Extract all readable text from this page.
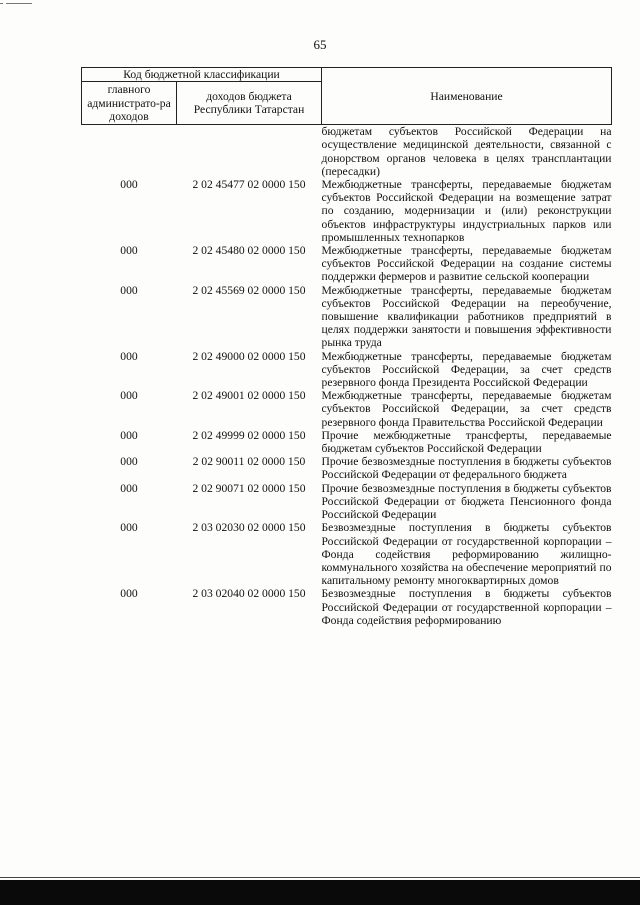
65
Код бюджетной классификации		Наименование
главного администрато-ра доходов	доходов бюджета Республики Татарстан	
		бюджетам субъектов Российской Федерации на осуществление медицинской деятельности, связанной с донорством органов человека в целях трансплантации (пересадки)
000	2 02 45477 02 0000 150	Межбюджетные трансферты, передаваемые бюджетам субъектов Российской Федерации на возмещение затрат по созданию, модернизации и (или) реконструкции объектов инфраструктуры индустриальных парков или промышленных технопарков
000	2 02 45480 02 0000 150	Межбюджетные трансферты, передаваемые бюджетам субъектов Российской Федерации на создание системы поддержки фермеров и развитие сельской кооперации
000	2 02 45569 02 0000 150	Межбюджетные трансферты, передаваемые бюджетам субъектов Российской Федерации на переобучение, повышение квалификации работников предприятий в целях поддержки занятости и повышения эффективности рынка труда
000	2 02 49000 02 0000 150	Межбюджетные трансферты, передаваемые бюджетам субъектов Российской Федерации, за счет средств резервного фонда Президента Российской Федерации
000	2 02 49001 02 0000 150	Межбюджетные трансферты, передаваемые бюджетам субъектов Российской Федерации, за счет средств резервного фонда Правительства Российской Федерации
000	2 02 49999 02 0000 150	Прочие межбюджетные трансферты, передаваемые бюджетам субъектов Российской Федерации
000	2 02 90011 02 0000 150	Прочие безвозмездные поступления в бюджеты субъектов Российской Федерации от федерального бюджета
000	2 02 90071 02 0000 150	Прочие безвозмездные поступления в бюджеты субъектов Российской Федерации от бюджета Пенсионного фонда Российской Федерации
000	2 03 02030 02 0000 150	Безвозмездные поступления в бюджеты субъектов Российской Федерации от государственной корпорации – Фонда содействия реформированию жилищно-коммунального хозяйства на обеспечение мероприятий по капитальному ремонту многоквартирных домов
000	2 03 02040 02 0000 150	Безвозмездные поступления в бюджеты субъектов Российской Федерации от государственной корпорации – Фонда содействия реформированию
